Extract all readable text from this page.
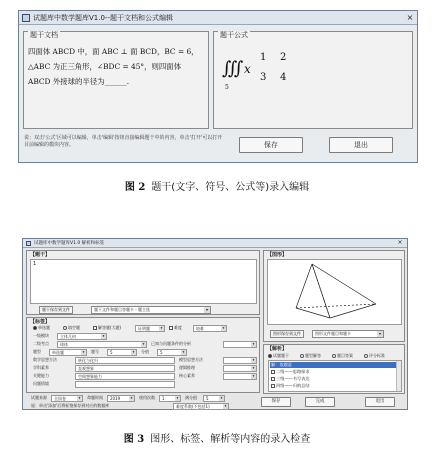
试题库中数学题库V1.0--题干文档和公式编辑	×
题干文档
四面体 ABCD 中，面 ABC ⊥ 面 BCD，BC = 6，△ABC 为正三角形，∠BDC = 45°，则四面体 ABCD 外接球的半径为______.
题干公式
∭
5
x
1 2
3 4
说：双击'公式'区域可以编辑，单击'编辑'按钮直接编辑题干中的内容，单击'打开'可以打开目前编辑的模块内容。	保存	退出
图 2 题干(文字、符号、公式等)录入编辑
试题库中数学题库V1.0 解析和标签	×
【题干】
1
题干保存到文件	题干文件和题目答题卡 - 题主选	▾
【图形】
图形保存到文件	图形文件题目和题卡	▾
【标签】
单选题	填空题	解答题(大题)	证明题	▾	难度	较难	▾
一级模块	立体几何	▾
二级考点	球体	▾	已知与问题条件的分析	▾
题型	单选题	▾	题号	5	▾	分值	5	▾
数学思想方法	转化与化归	模型思想方法	▾
学科素养	直观想象	逻辑推理	▾
关键能力	空间想象能力	核心素养	▾
问题情境
试题来源	全国卷	▾	命题时间	2019	▾	使用次数	1	▾	满分值	5	▾
说：单击'添加'后将标签保存到对应的数据库	难度系数(不包括1)	▾
【解析】
试题题干	题型解答	题目答案	评分标准
解：依题意
二级——思路探求
三级——书写表达
四级——归纳总结
保存	完成	退出
图 3 图形、标签、解析等内容的录入检查
